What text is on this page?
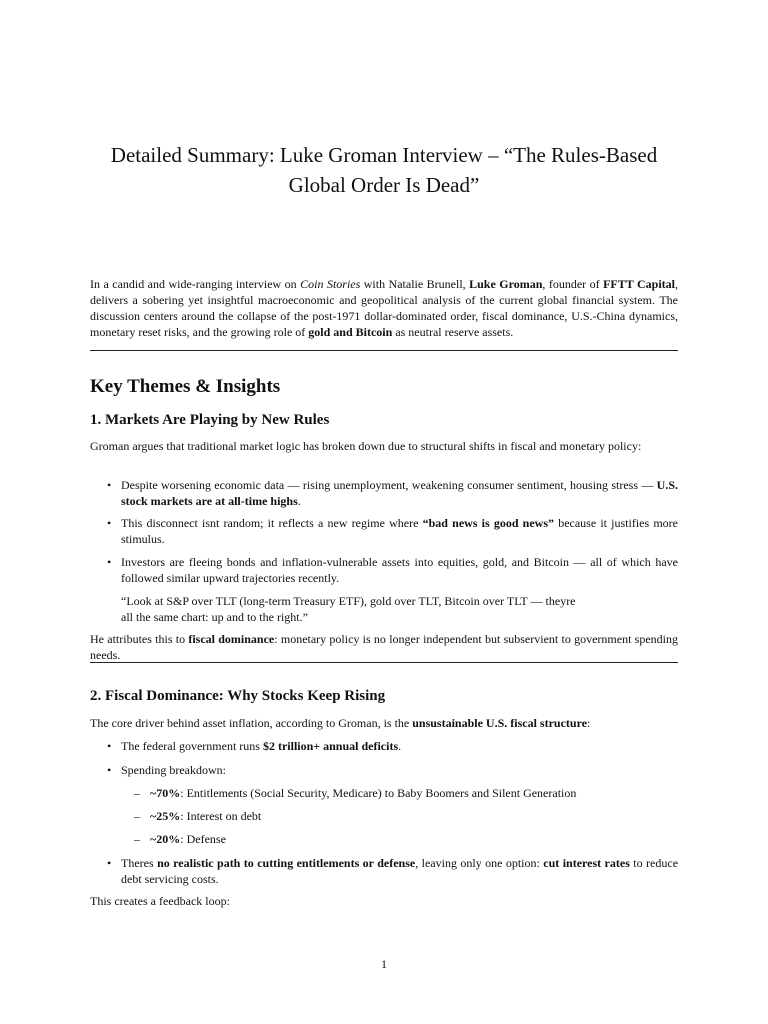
Detailed Summary: Luke Groman Interview – “The Rules-Based
Global Order Is Dead”
In a candid and wide-ranging interview on Coin Stories with Natalie Brunell, Luke Groman, founder of FFTT Capital, delivers a sobering yet insightful macroeconomic and geopolitical analysis of the current global financial system. The discussion centers around the collapse of the post-1971 dollar-dominated order, fiscal dominance, U.S.-China dynamics, monetary reset risks, and the growing role of gold and Bitcoin as neutral reserve assets.
Key Themes & Insights
1. Markets Are Playing by New Rules
Groman argues that traditional market logic has broken down due to structural shifts in fiscal and monetary policy:
• Despite worsening economic data — rising unemployment, weakening consumer sentiment, housing stress — U.S. stock markets are at all-time highs.
• This disconnect isnt random; it reflects a new regime where “bad news is good news” because it justifies more stimulus.
• Investors are fleeing bonds and inflation-vulnerable assets into equities, gold, and Bitcoin — all of which have followed similar upward trajectories recently.
“Look at S&P over TLT (long-term Treasury ETF), gold over TLT, Bitcoin over TLT — theyre
all the same chart: up and to the right.”
He attributes this to fiscal dominance: monetary policy is no longer independent but subservient to government spending needs.
2. Fiscal Dominance: Why Stocks Keep Rising
The core driver behind asset inflation, according to Groman, is the unsustainable U.S. fiscal structure:
• The federal government runs $2 trillion+ annual deficits.
• Spending breakdown:
– ~70%: Entitlements (Social Security, Medicare) to Baby Boomers and Silent Generation
– ~25%: Interest on debt
– ~20%: Defense
• Theres no realistic path to cutting entitlements or defense, leaving only one option: cut interest rates to reduce debt servicing costs.
This creates a feedback loop:
1
